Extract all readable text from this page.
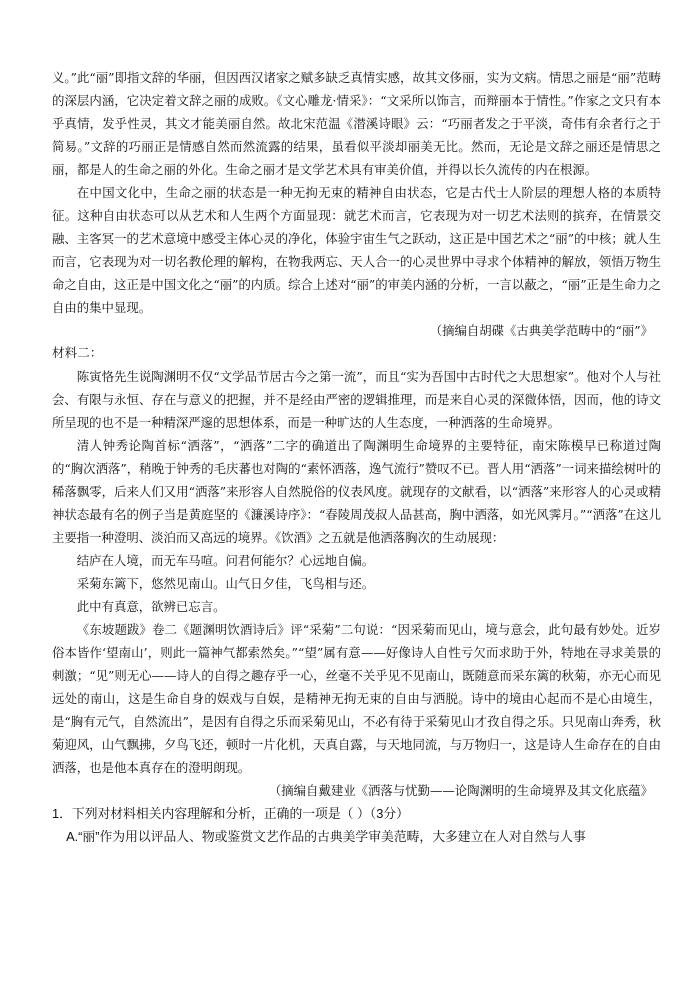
义。”此“丽”即指文辞的华丽，但因西汉诸家之赋多缺乏真情实感，故其文侈丽，实为文病。情思之丽是“丽”范畴的深层内涵，它决定着文辞之丽的成败。《文心雕龙·情采》：“文采所以饰言，而辩丽本于情性。”作家之文只有本乎真情，发乎性灵，其文才能美丽自然。故北宋范温《潜溪诗眼》云：“巧丽者发之于平淡，奇伟有余者行之于简易。”文辞的巧丽正是情感自然而然流露的结果，虽看似平淡却丽美无比。然而，无论是文辞之丽还是情思之丽，都是人的生命之丽的外化。生命之丽才是文学艺术具有审美价值，并得以长久流传的内在根源。

在中国文化中，生命之丽的状态是一种无拘无束的精神自由状态，它是古代士人阶层的理想人格的本质特征。这种自由状态可以从艺术和人生两个方面显现：就艺术而言，它表现为对一切艺术法则的摈弃，在情景交融、主客冥一的艺术意境中感受主体心灵的净化，体验宇宙生气之跃动，这正是中国艺术之“丽”的中核；就人生而言，它表现为对一切名教伦理的解构，在物我两忘、天人合一的心灵世界中寻求个体精神的解放，领悟万物生命之自由，这正是中国文化之“丽”的内质。综合上述对“丽”的审美内涵的分析，一言以蔽之，“丽”正是生命力之自由的集中显现。

（摘编自胡碟《古典美学范畴中的“丽”》

材料二：

陈寅恪先生说陶渊明不仅“文学品节居古今之第一流”，而且“实为吾国中古时代之大思想家”。他对个人与社会、有限与永恒、存在与意义的把握，并不是经由严密的逻辑推理，而是来自心灵的深微体悟，因而，他的诗文所呈现的也不是一种精深严邃的思想体系，而是一种旷达的人生态度，一种洒落的生命境界。

清人钟秀论陶首标“洒落”，“洒落”二字的确道出了陶渊明生命境界的主要特征，南宋陈模早已称道过陶的“胸次洒落”，稍晚于钟秀的毛庆蕃也对陶的“素怀洒落，逸气流行”赞叹不已。晋人用“洒落”一词来描绘树叶的稀落飘零，后来人们又用“洒落”来形容人自然脱俗的仪表风度。就现存的文献看，以“洒落”来形容人的心灵或精神状态最有名的例子当是黄庭坚的《濂溪诗序》：“春陵周茂叔人品甚高，胸中洒落，如光风霁月。”“洒落”在这儿主要指一种澄明、淡泊而又高远的境界。《饮酒》之五就是他洒落胸次的生动展现：

结庐在人境，而无车马喧。问君何能尔？心远地自偏。

采菊东篱下，悠然见南山。山气日夕佳，飞鸟相与还。

此中有真意，欲辨已忘言。

《东坡题跋》卷二《题渊明饮酒诗后》评“采菊”二句说：“因采菊而见山，境与意会，此句最有妙处。近岁俗本皆作‘望南山’，则此一篇神气都索然矣。”“望”属有意——好像诗人自性亏欠而求助于外，特地在寻求美景的刺激；“见”则无心——诗人的自得之趣存乎一心，丝毫不关乎见不见南山，既随意而采东篱的秋菊，亦无心而见远处的南山，这是生命自身的娱戏与自娱，是精神无拘无束的自由与洒脱。诗中的境由心起而不是心由境生，是“胸有元气，自然流出”，是因有自得之乐而采菊见山，不必有待于采菊见山才孜自得之乐。只见南山奔秀，秋菊迎风，山气飘拂，夕鸟飞还，顿时一片化机，天真自露，与天地同流，与万物归一，这是诗人生命存在的自由洒落，也是他本真存在的澄明朗现。

（摘编自戴建业《洒落与忧勤——论陶渊明的生命境界及其文化底蕴》

1．下列对材料相关内容理解和分析，正确的一项是（ ）（3分）

A.“丽”作为用以评品人、物或鉴赏文艺作品的古典美学审美范畴，大多建立在人对自然与人事
